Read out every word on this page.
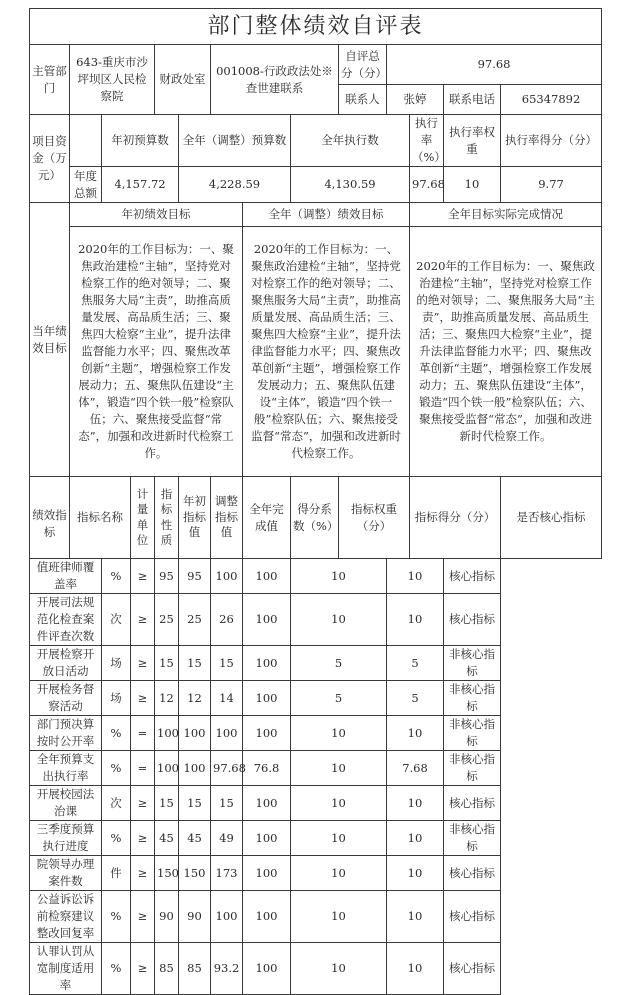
部门整体绩效自评表													
主管部门	643-重庆市沙坪坝区人民检察院			财政处室		001008-行政政法处※查世建联系			自评总分（分）	97.68			
									联系人	张婷		联系电话	65347892
项目资金（万元）		年初预算数			全年（调整）预算数			全年执行数			执行率（%）	执行率权重	执行率得分（分）
	年度总额	4,157.72			4,228.59			4,130.59			97.68	10	9.77
当年绩效目标	年初绩效目标						全年（调整）绩效目标				全年目标实际完成情况		
	2020年的工作目标为：一、聚焦政治建检“主轴”，坚持党对检察工作的绝对领导；二、聚焦服务大局“主责”，助推高质量发展、高品质生活；三、聚焦四大检察“主业”，提升法律监督能力水平；四、聚焦改革创新“主题”，增强检察工作发展动力；五、聚焦队伍建设“主体”，锻造“四个铁一般”检察队伍；六、聚焦接受监督“常态”，加强和改进新时代检察工作。						2020年的工作目标为：一、聚焦政治建检“主轴”，坚持党对检察工作的绝对领导；二、聚焦服务大局“主责”，助推高质量发展、高品质生活；三、聚焦四大检察“主业”，提升法律监督能力水平；四、聚焦改革创新“主题”，增强检察工作发展动力；五、聚焦队伍建设“主体”，锻造“四个铁一般”检察队伍；六、聚焦接受监督“常态”，加强和改进新时代检察工作。				2020年的工作目标为：一、聚焦政治建检“主轴”，坚持党对检察工作的绝对领导；二、聚焦服务大局“主责”，助推高质量发展、高品质生活；三、聚焦四大检察“主业”，提升法律监督能力水平；四、聚焦改革创新“主题”，增强检察工作发展动力；五、聚焦队伍建设“主体”，锻造“四个铁一般”检察队伍；六、聚焦接受监督“常态”，加强和改进新时代检察工作。		
绩效指标	指标名称		计量单位	指标性质	年初指标值	调整指标值	全年完成值	得分系数（%）	指标权重（分）		指标得分（分）		是否核心指标
值班律师覆盖率		%	≥	95	95	100	100	10		10		核心指标	
开展司法规范化检查案件评查次数		次	≥	25	25	26	100	10		10		核心指标	
开展检察开放日活动		场	≥	15	15	15	100	5		5		非核心指标	
开展检务督察活动		场	≥	12	12	14	100	5		5		非核心指标	
部门预决算按时公开率		%	=	100	100	100	100	10		10		非核心指标	
全年预算支出执行率		%	=	100	100	97.68	76.8	10		7.68		非核心指标	
开展校园法治课		次	≥	15	15	15	100	10		10		核心指标	
三季度预算执行进度		%	≥	45	45	49	100	10		10		非核心指标	
院领导办理案件数		件	≥	150	150	173	100	10		10		核心指标	
公益诉讼诉前检察建议整改回复率		%	≥	90	90	100	100	10		10		核心指标	
认罪认罚从宽制度适用率		%	≥	85	85	93.2	100	10		10		核心指标	
